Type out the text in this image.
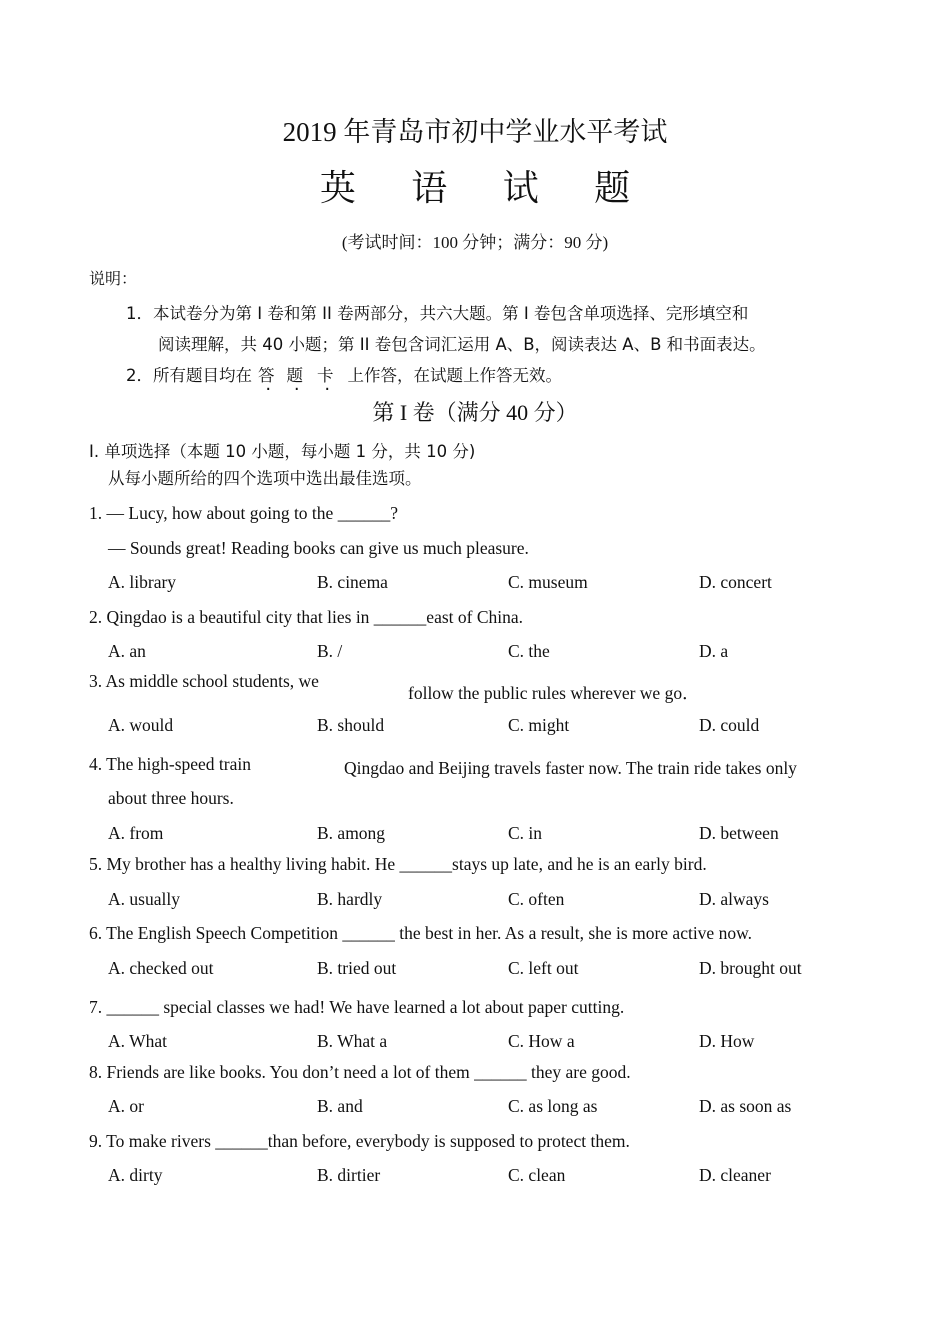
2019 年青岛市初中学业水平考试
英 语 试 题
(考试时间：100 分钟；满分：90 分)
说明：
1．本试卷分为第 I 卷和第 II 卷两部分，共六大题。第 I 卷包含单项选择、完形填空和
阅读理解，共 40 小题；第 II 卷包含词汇运用 A、B，阅读表达 A、B 和书面表达。
2．所有题目均在 答 题 卡 上作答，在试题上作答无效。
第 I 卷（满分 40 分）
I. 单项选择（本题 10 小题，每小题 1 分，共 10 分)
从每小题所给的四个选项中选出最佳选项。
1. — Lucy, how about going to the ______?
— Sounds great! Reading books can give us much pleasure.
A. library	B. cinema	C. museum	D. concert
2. Qingdao is a beautiful city that lies in ______east of China.
A. an	B. /	C. the	D. a
3. As middle school students, we
follow the public rules wherever we go．
A. would	B. should	C. might	D. could
4. The high-speed train	Qingdao and Beijing travels faster now. The train ride takes only
about three hours.
A. from	B. among	C. in	D. between
5. My brother has a healthy living habit. He ______stays up late, and he is an early bird.
A. usually	B. hardly	C. often	D. always
6. The English Speech Competition ______ the best in her. As a result, she is more active now.
A. checked out	B. tried out	C. left out	D. brought out
7. ______ special classes we had! We have learned a lot about paper cutting.
A. What	B. What a	C. How a	D. How
8. Friends are like books. You don’t need a lot of them ______ they are good.
A. or	B. and	C. as long as	D. as soon as
9. To make rivers ______than before, everybody is supposed to protect them.
A. dirty	B. dirtier	C. clean	D. cleaner
